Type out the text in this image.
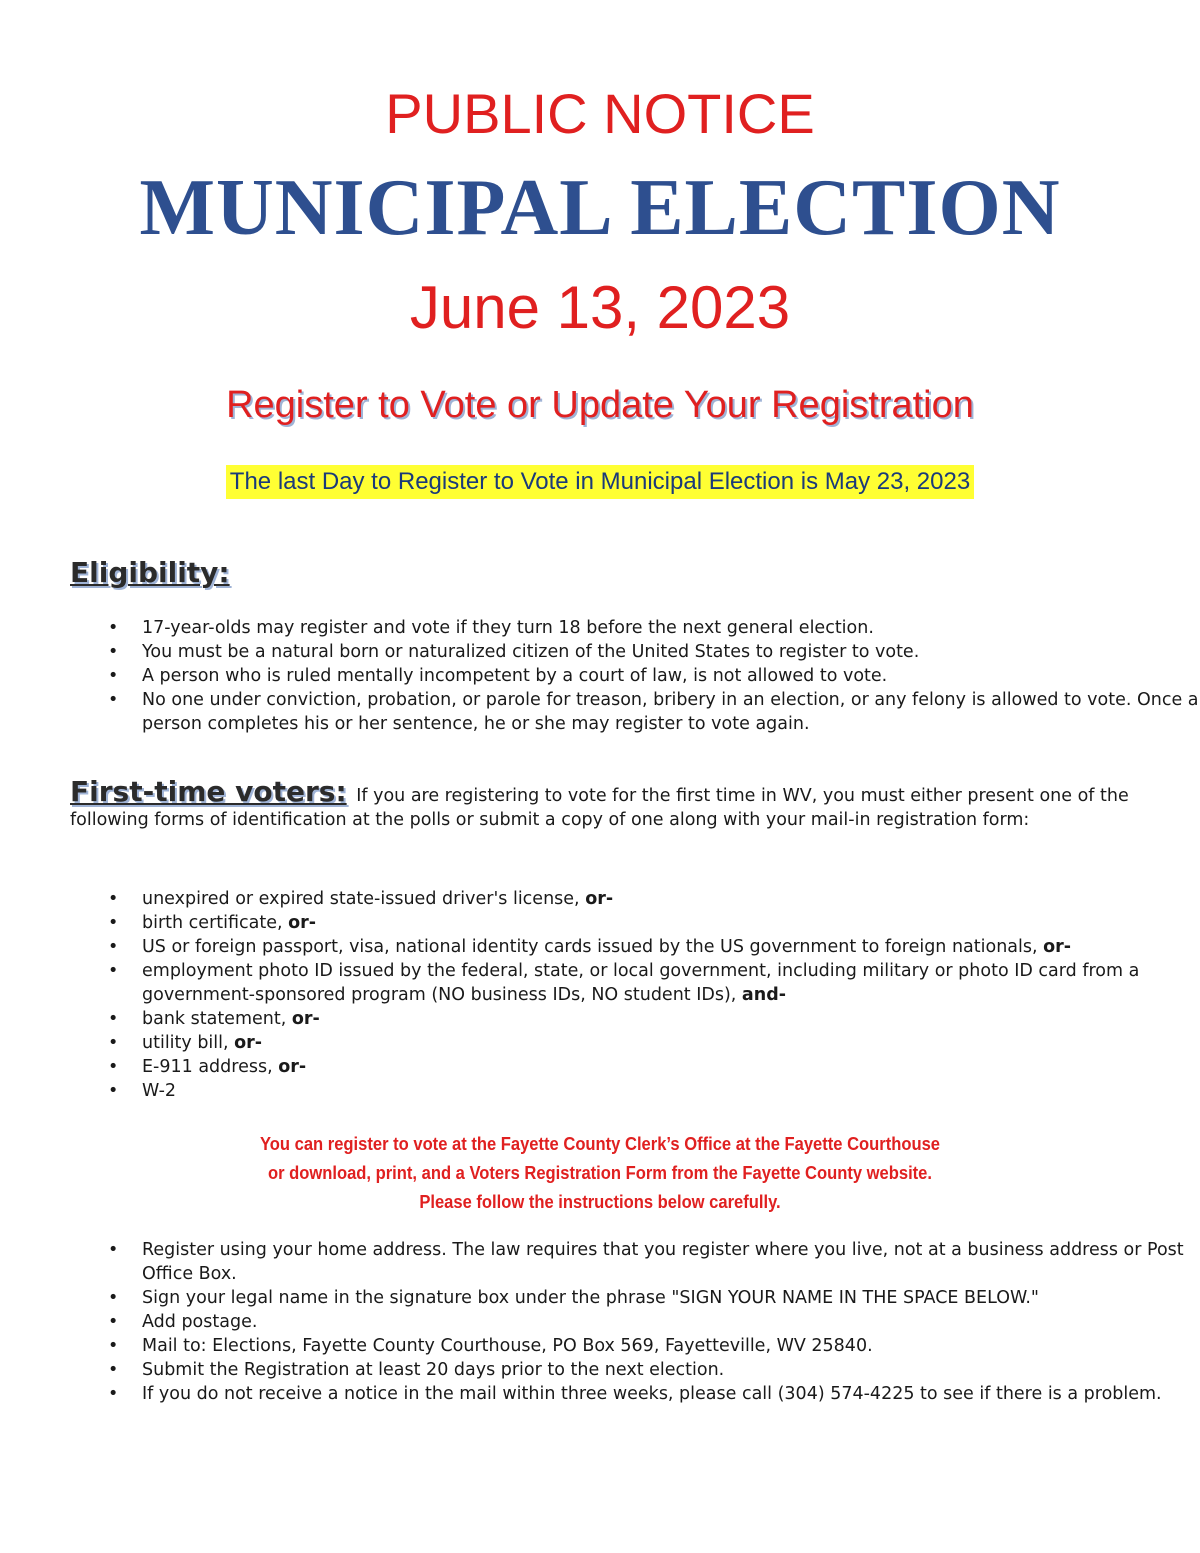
PUBLIC NOTICE
MUNICIPAL ELECTION
June 13, 2023
Register to Vote or Update Your Registration
The last Day to Register to Vote in Municipal Election is May 23, 2023
Eligibility:
• 17-year-olds may register and vote if they turn 18 before the next general election.
• You must be a natural born or naturalized citizen of the United States to register to vote.
• A person who is ruled mentally incompetent by a court of law, is not allowed to vote.
• No one under conviction, probation, or parole for treason, bribery in an election, or any felony is allowed to vote. Once a person completes his or her sentence, he or she may register to vote again.
First-time voters: If you are registering to vote for the first time in WV, you must either present one of the following forms of identification at the polls or submit a copy of one along with your mail-in registration form:
• unexpired or expired state-issued driver's license, or-
• birth certificate, or-
• US or foreign passport, visa, national identity cards issued by the US government to foreign nationals, or-
• employment photo ID issued by the federal, state, or local government, including military or photo ID card from a government-sponsored program (NO business IDs, NO student IDs), and-
• bank statement, or-
• utility bill, or-
• E-911 address, or-
• W-2
You can register to vote at the Fayette County Clerk’s Office at the Fayette Courthouse
or download, print, and a Voters Registration Form from the Fayette County website.
Please follow the instructions below carefully.
• Register using your home address. The law requires that you register where you live, not at a business address or Post Office Box.
• Sign your legal name in the signature box under the phrase "SIGN YOUR NAME IN THE SPACE BELOW."
• Add postage.
• Mail to: Elections, Fayette County Courthouse, PO Box 569, Fayetteville, WV 25840.
• Submit the Registration at least 20 days prior to the next election.
• If you do not receive a notice in the mail within three weeks, please call (304) 574-4225 to see if there is a problem.
